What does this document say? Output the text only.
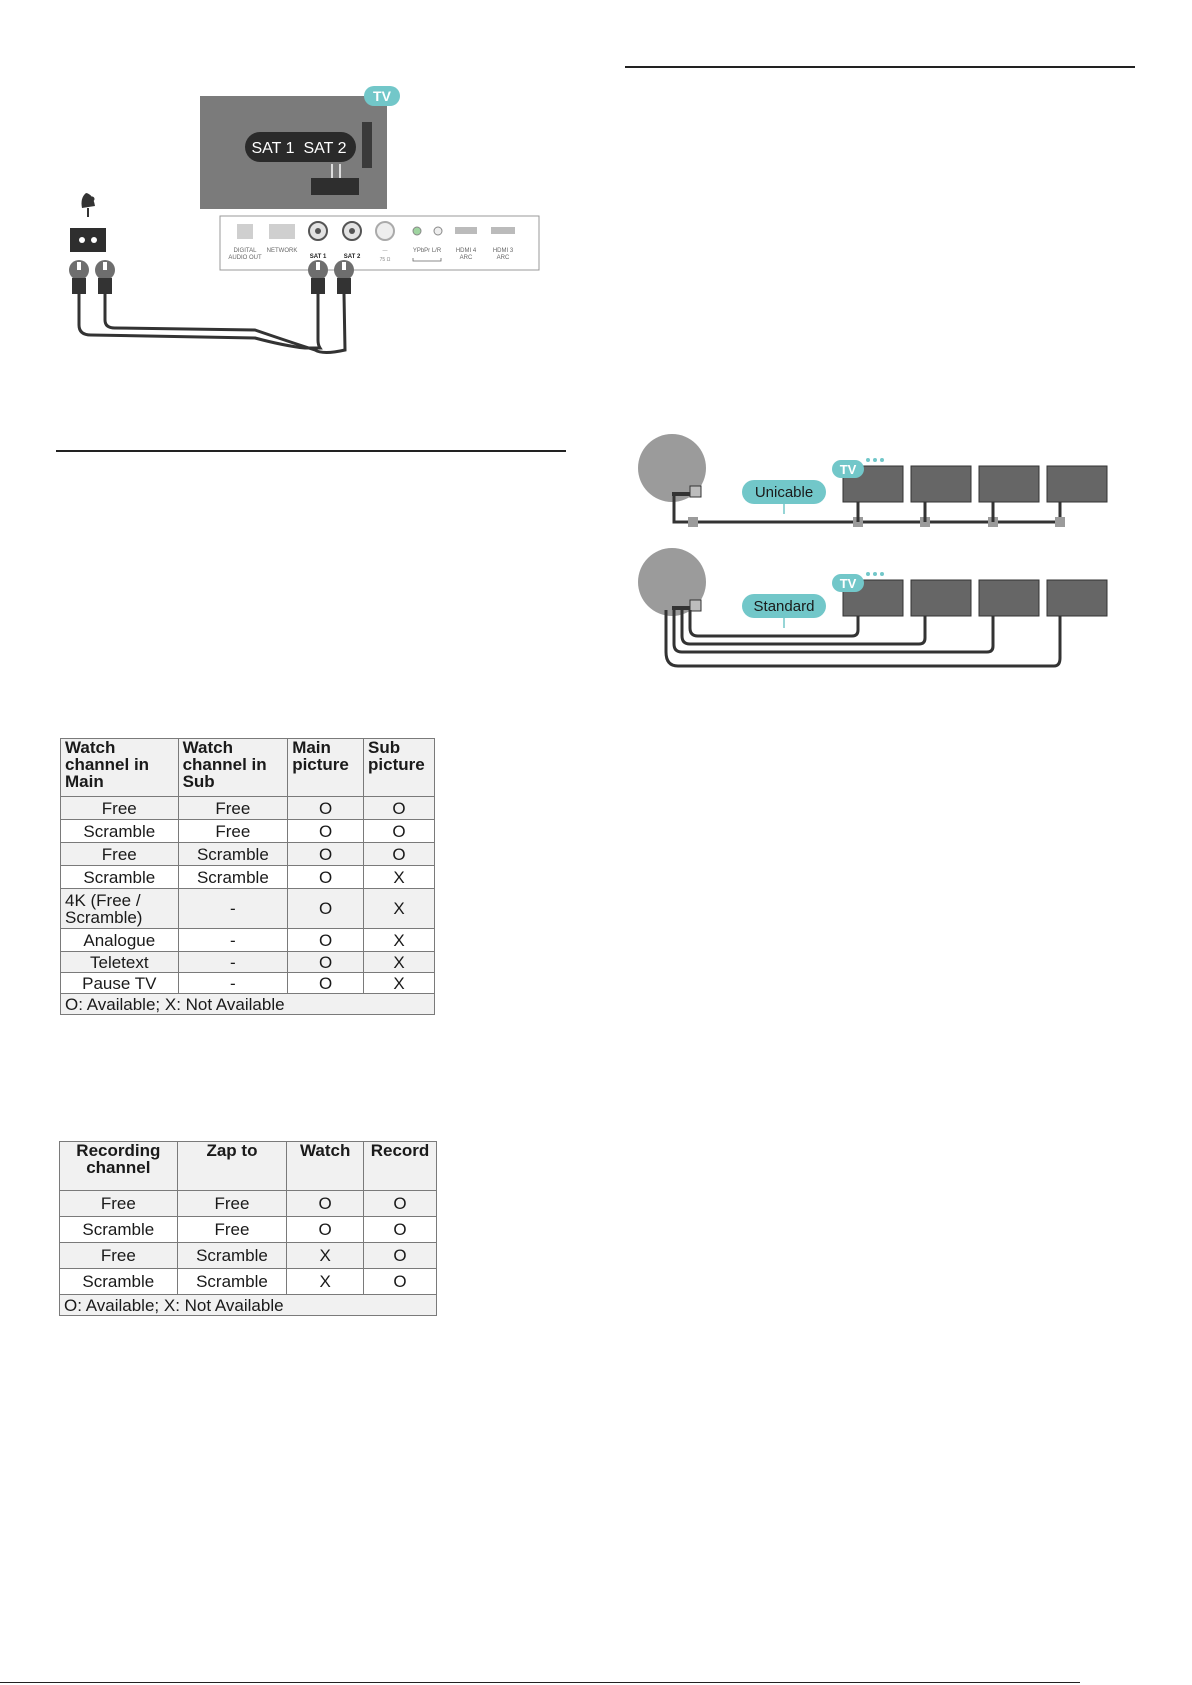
TV
SAT 1 SAT 2
DIGITAL
AUDIO OUT
NETWORK
SAT 1	SAT 2
—
75 Ω
YPbPr L/R HDMI 4
ARC
HDMI 3
ARC
TV
Unicable
TV
Standard
Watch channel in Main	Watch channel in Sub	Main picture	Sub picture
Free	Free	O	O
Scramble	Free	O	O
Free	Scramble	O	O
Scramble	Scramble	O	X
4K (Free / Scramble)	-	O	X
Analogue	-	O	X
Teletext	-	O	X
Pause TV	-	O	X
O: Available; X: Not Available			
Recording channel	Zap to	Watch	Record
Free	Free	O	O
Scramble	Free	O	O
Free	Scramble	X	O
Scramble	Scramble	X	O
O: Available; X: Not Available			
